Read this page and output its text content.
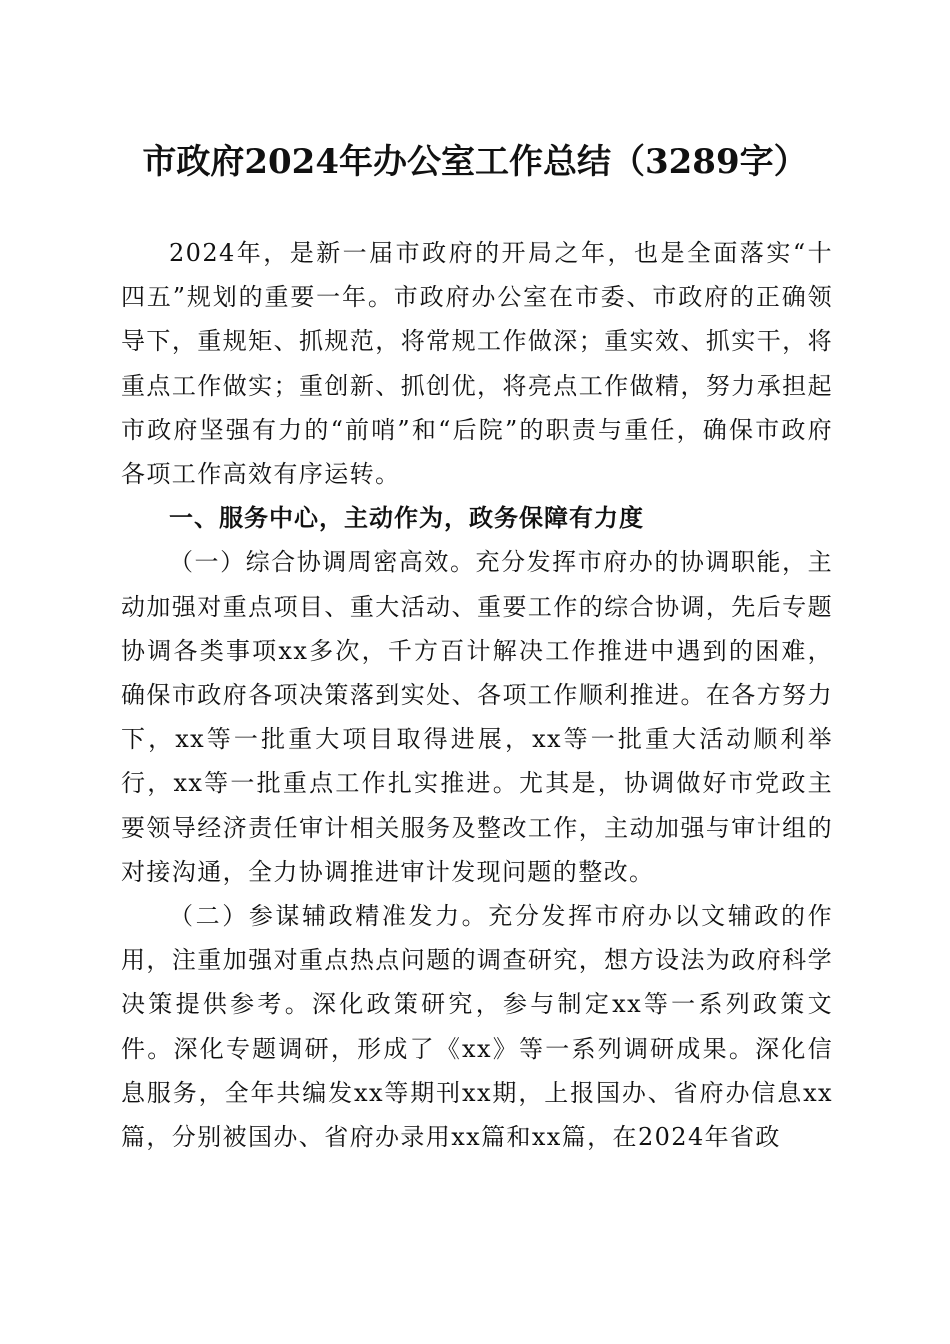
市政府2024年办公室工作总结（3289字）

2024年，是新一届市政府的开局之年，也是全面落实“十四五”规划的重要一年。市政府办公室在市委、市政府的正确领导下，重规矩、抓规范，将常规工作做深；重实效、抓实干，将重点工作做实；重创新、抓创优，将亮点工作做精，努力承担起市政府坚强有力的“前哨”和“后院”的职责与重任，确保市政府各项工作高效有序运转。

一、服务中心，主动作为，政务保障有力度

（一）综合协调周密高效。充分发挥市府办的协调职能，主动加强对重点项目、重大活动、重要工作的综合协调，先后专题协调各类事项xx多次，千方百计解决工作推进中遇到的困难，确保市政府各项决策落到实处、各项工作顺利推进。在各方努力下，xx等一批重大项目取得进展，xx等一批重大活动顺利举行，xx等一批重点工作扎实推进。尤其是，协调做好市党政主要领导经济责任审计相关服务及整改工作，主动加强与审计组的对接沟通，全力协调推进审计发现问题的整改。

（二）参谋辅政精准发力。充分发挥市府办以文辅政的作用，注重加强对重点热点问题的调查研究，想方设法为政府科学决策提供参考。深化政策研究，参与制定xx等一系列政策文件。深化专题调研，形成了《xx》等一系列调研成果。深化信息服务，全年共编发xx等期刊xx期，上报国办、省府办信息xx篇，分别被国办、省府办录用xx篇和xx篇，在2024年省政
